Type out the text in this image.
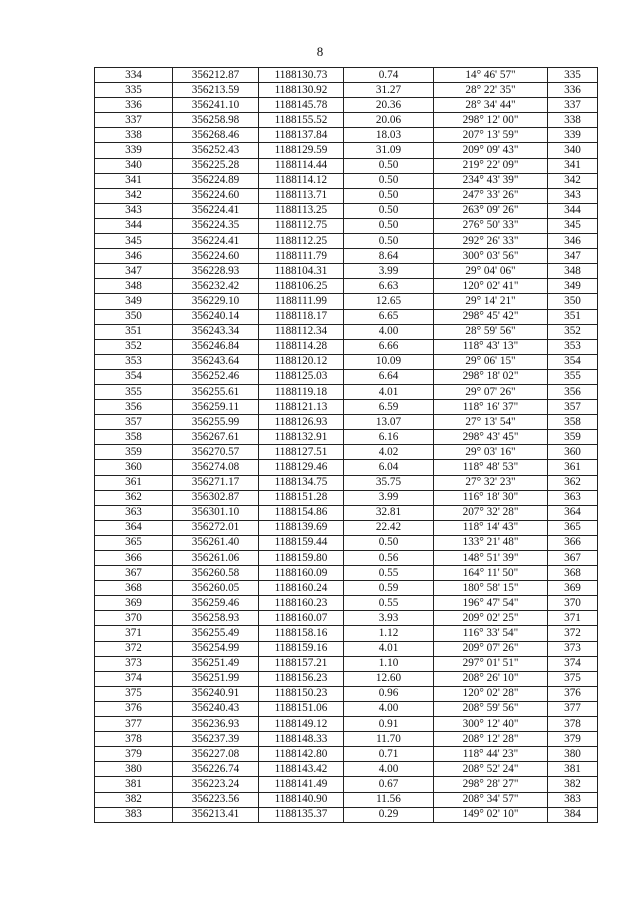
8
334	356212.87	1188130.73	0.74	14° 46' 57"	335
335	356213.59	1188130.92	31.27	28° 22' 35"	336
336	356241.10	1188145.78	20.36	28° 34' 44"	337
337	356258.98	1188155.52	20.06	298° 12' 00"	338
338	356268.46	1188137.84	18.03	207° 13' 59"	339
339	356252.43	1188129.59	31.09	209° 09' 43"	340
340	356225.28	1188114.44	0.50	219° 22' 09"	341
341	356224.89	1188114.12	0.50	234° 43' 39"	342
342	356224.60	1188113.71	0.50	247° 33' 26"	343
343	356224.41	1188113.25	0.50	263° 09' 26"	344
344	356224.35	1188112.75	0.50	276° 50' 33"	345
345	356224.41	1188112.25	0.50	292° 26' 33"	346
346	356224.60	1188111.79	8.64	300° 03' 56"	347
347	356228.93	1188104.31	3.99	29° 04' 06"	348
348	356232.42	1188106.25	6.63	120° 02' 41"	349
349	356229.10	1188111.99	12.65	29° 14' 21"	350
350	356240.14	1188118.17	6.65	298° 45' 42"	351
351	356243.34	1188112.34	4.00	28° 59' 56"	352
352	356246.84	1188114.28	6.66	118° 43' 13"	353
353	356243.64	1188120.12	10.09	29° 06' 15"	354
354	356252.46	1188125.03	6.64	298° 18' 02"	355
355	356255.61	1188119.18	4.01	29° 07' 26"	356
356	356259.11	1188121.13	6.59	118° 16' 37"	357
357	356255.99	1188126.93	13.07	27° 13' 54"	358
358	356267.61	1188132.91	6.16	298° 43' 45"	359
359	356270.57	1188127.51	4.02	29° 03' 16"	360
360	356274.08	1188129.46	6.04	118° 48' 53"	361
361	356271.17	1188134.75	35.75	27° 32' 23"	362
362	356302.87	1188151.28	3.99	116° 18' 30"	363
363	356301.10	1188154.86	32.81	207° 32' 28"	364
364	356272.01	1188139.69	22.42	118° 14' 43"	365
365	356261.40	1188159.44	0.50	133° 21' 48"	366
366	356261.06	1188159.80	0.56	148° 51' 39"	367
367	356260.58	1188160.09	0.55	164° 11' 50"	368
368	356260.05	1188160.24	0.59	180° 58' 15"	369
369	356259.46	1188160.23	0.55	196° 47' 54"	370
370	356258.93	1188160.07	3.93	209° 02' 25"	371
371	356255.49	1188158.16	1.12	116° 33' 54"	372
372	356254.99	1188159.16	4.01	209° 07' 26"	373
373	356251.49	1188157.21	1.10	297° 01' 51"	374
374	356251.99	1188156.23	12.60	208° 26' 10"	375
375	356240.91	1188150.23	0.96	120° 02' 28"	376
376	356240.43	1188151.06	4.00	208° 59' 56"	377
377	356236.93	1188149.12	0.91	300° 12' 40"	378
378	356237.39	1188148.33	11.70	208° 12' 28"	379
379	356227.08	1188142.80	0.71	118° 44' 23"	380
380	356226.74	1188143.42	4.00	208° 52' 24"	381
381	356223.24	1188141.49	0.67	298° 28' 27"	382
382	356223.56	1188140.90	11.56	208° 34' 57"	383
383	356213.41	1188135.37	0.29	149° 02' 10"	384
